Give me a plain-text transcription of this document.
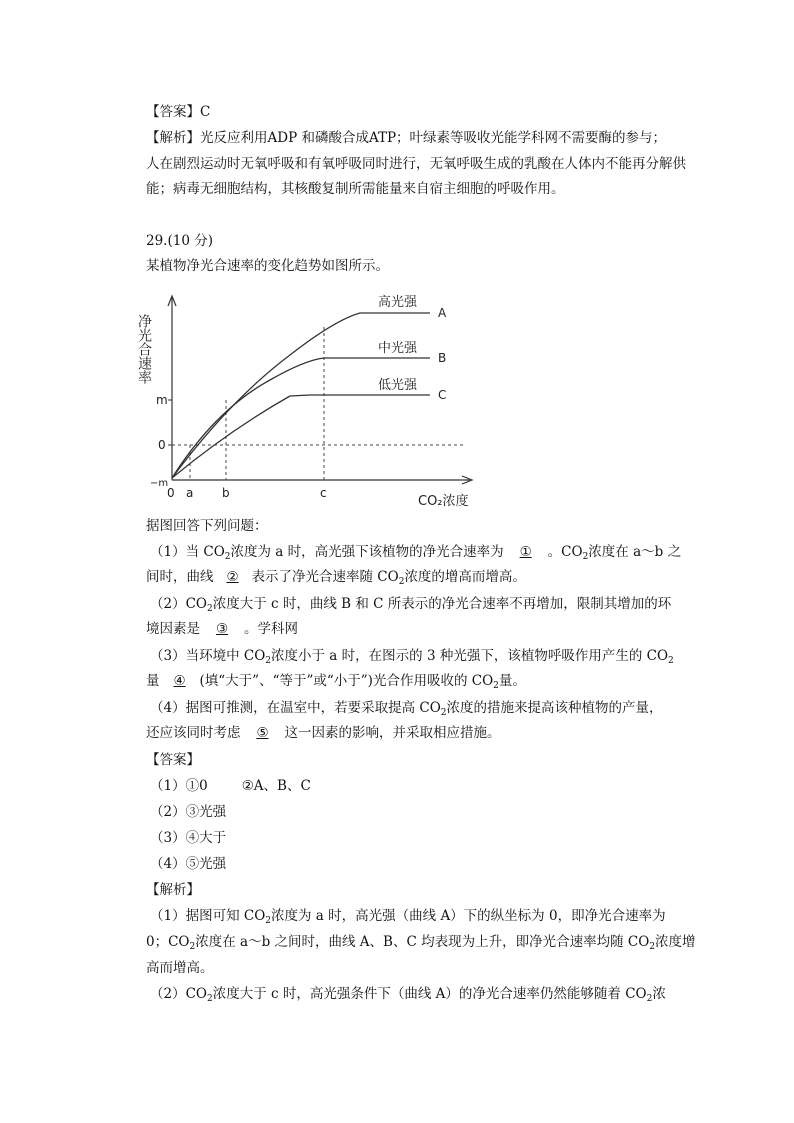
【答案】C
【解析】光反应利用ADP 和磷酸合成ATP；叶绿素等吸收光能学科网不需要酶的参与；
人在剧烈运动时无氧呼吸和有氧呼吸同时进行，无氧呼吸生成的乳酸在人体内不能再分解供
能；病毒无细胞结构，其核酸复制所需能量来自宿主细胞的呼吸作用。
29.(10 分)
某植物净光合速率的变化趋势如图所示。
净光合速率
m
0
−m
0 a b	c
CO₂浓度
高光强
中光强
低光强
A
B
C
据图回答下列问题：
（1）当 $CO_2$浓度为 a 时，高光强下该植物的净光合速率为 ① 。$CO_2$浓度在 a～b 之
间时，曲线 ② 表示了净光合速率随 $CO_2$浓度的增高而增高。
$(2)CO_2$浓度大于 c 时，曲线 B 和 C 所表示的净光合速率不再增加，限制其增加的环
境因素是 ③ 。学科网
（3）当环境中 $CO_2$浓度小于 a 时，在图示的 3 种光强下，该植物呼吸作用产生的 $CO_2$
量 ④ (填“大于”、“等于”或“小于”)光合作用吸收的 $CO_2$量。
（4）据图可推测，在温室中，若要采取提高 $CO_2$浓度的措施来提高该种植物的产量，
还应该同时考虑 ⑤ 这一因素的影响，并采取相应措施。
【答案】
（1）①0	②A、B、C
（2）③光强
（3）④大于
（4）⑤光强
【解析】
（1）据图可知 $CO_2$浓度为 a 时，高光强（曲线 A）下的纵坐标为 0，即净光合速率为
0；$CO_2$浓度在 a～b 之间时，曲线 A、B、C 均表现为上升，即净光合速率均随 $CO_2$浓度增
高而增高。
$(2)CO_2$浓度大于 c 时，高光强条件下（曲线 A）的净光合速率仍然能够随着 $CO_2$浓
